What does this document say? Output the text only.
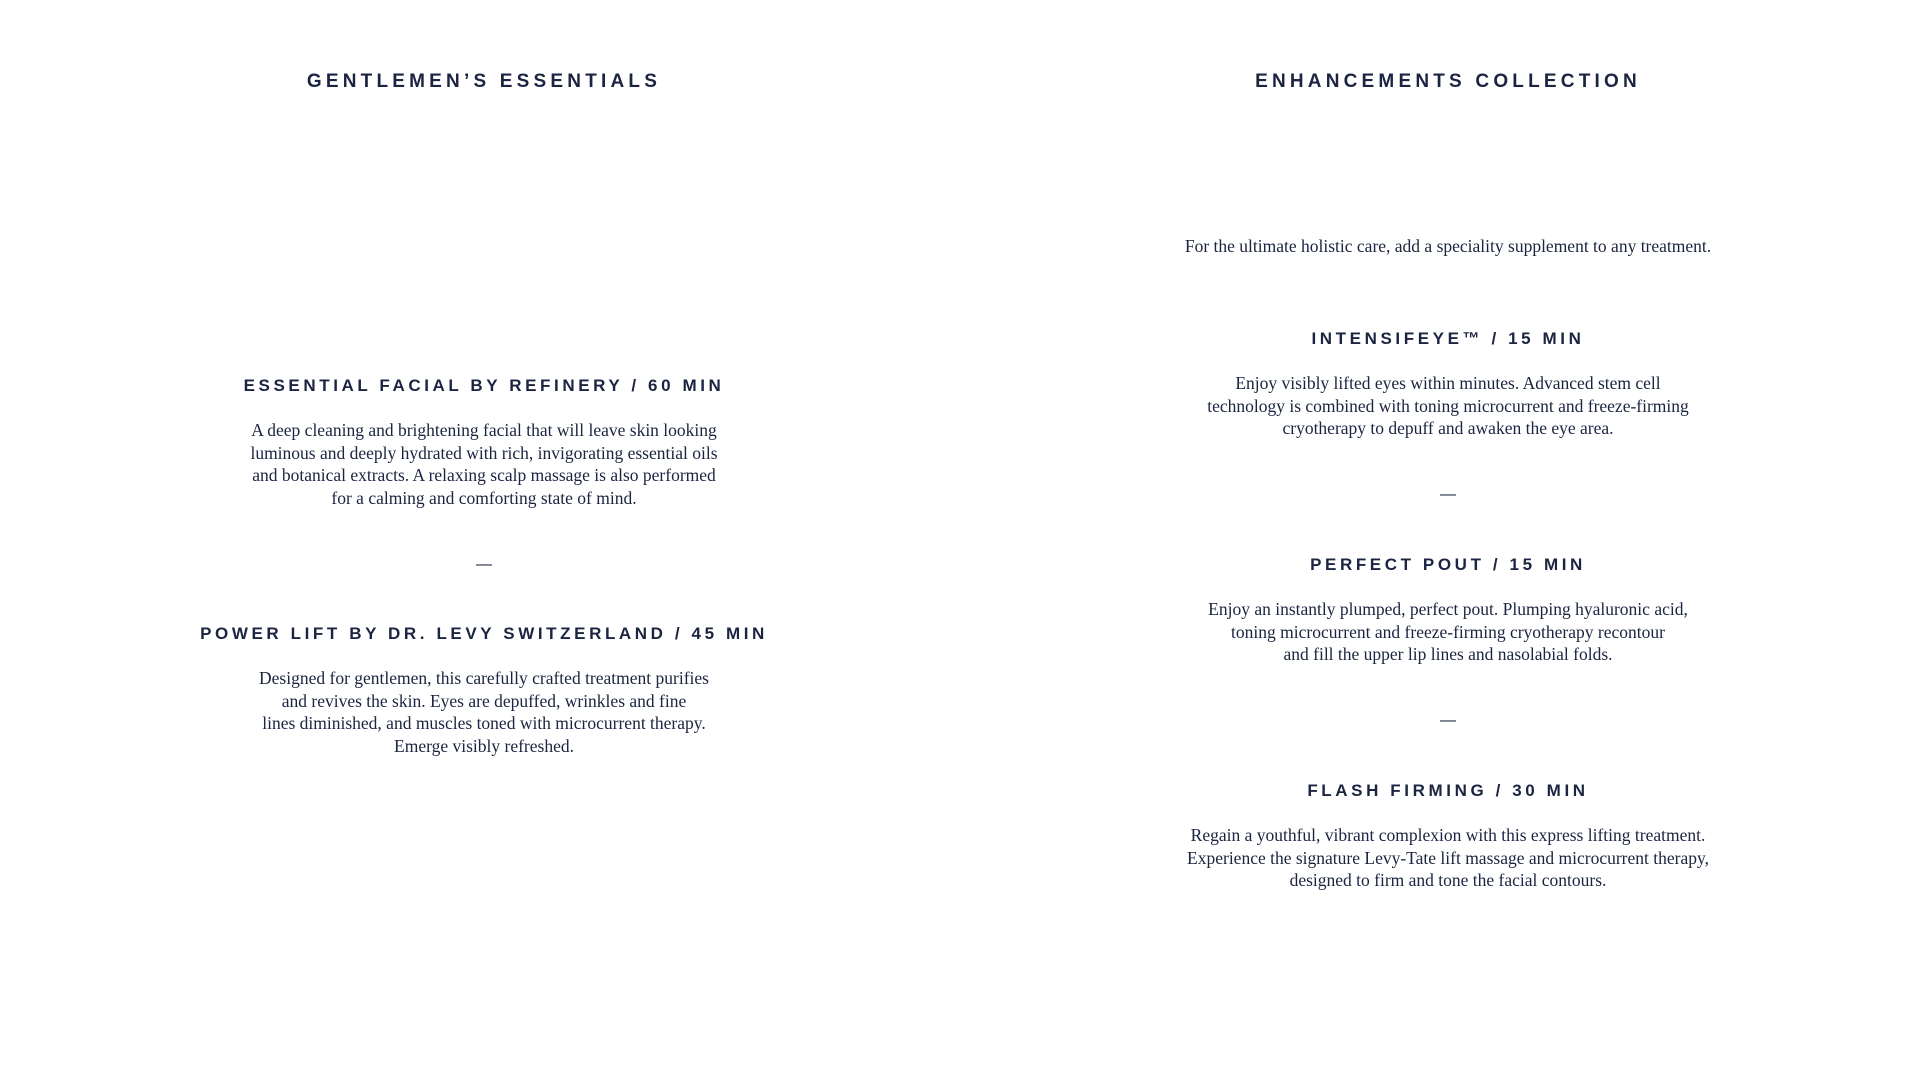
GENTLEMEN’S ESSENTIALS
ESSENTIAL FACIAL BY REFINERY / 60 MIN

A deep cleaning and brightening facial that will leave skin looking
luminous and deeply hydrated with rich, invigorating essential oils
and botanical extracts. A relaxing scalp massage is also performed
for a calming and comforting state of mind.

—
POWER LIFT BY DR. LEVY SWITZERLAND / 45 MIN

Designed for gentlemen, this carefully crafted treatment purifies
and revives the skin. Eyes are depuffed, wrinkles and fine
lines diminished, and muscles toned with microcurrent therapy.
Emerge visibly refreshed.

ENHANCEMENTS COLLECTION

For the ultimate holistic care, add a speciality supplement to any treatment.

INTENSIFEYE™ / 15 MIN

Enjoy visibly lifted eyes within minutes. Advanced stem cell
technology is combined with toning microcurrent and freeze-firming
cryotherapy to depuff and awaken the eye area.

—
PERFECT POUT / 15 MIN

Enjoy an instantly plumped, perfect pout. Plumping hyaluronic acid,
toning microcurrent and freeze-firming cryotherapy recontour
and fill the upper lip lines and nasolabial folds.

—
FLASH FIRMING / 30 MIN

Regain a youthful, vibrant complexion with this express lifting treatment.
Experience the signature Levy-Tate lift massage and microcurrent therapy,
designed to firm and tone the facial contours.
